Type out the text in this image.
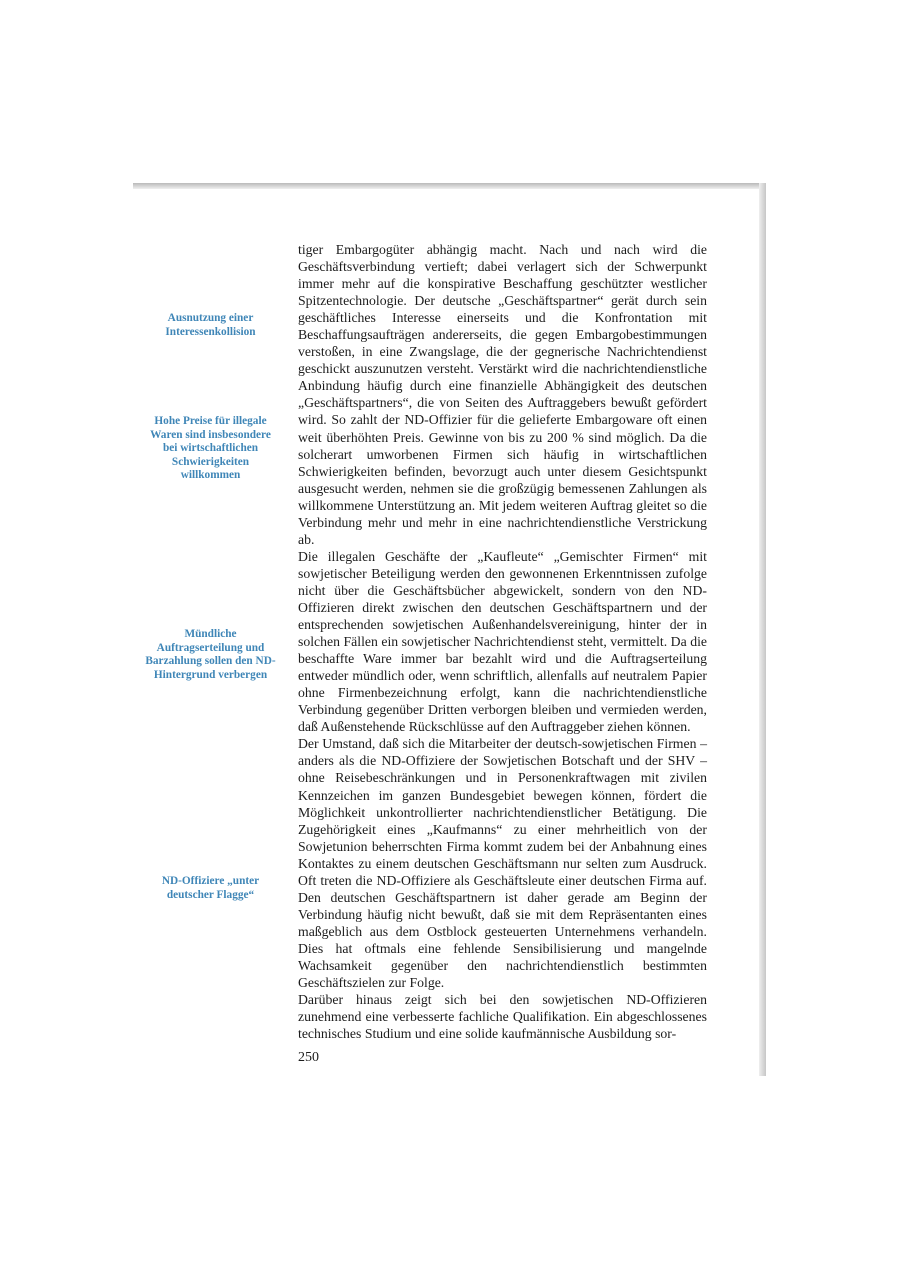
Ausnutzung einer Interessenkollision

Hohe Preise für illegale Waren sind insbesondere bei wirtschaftlichen Schwierigkeiten willkommen

Mündliche Auftragserteilung und Barzahlung sollen den ND-Hintergrund verbergen

ND-Offiziere „unter deutscher Flagge“

tiger Embargogüter abhängig macht. Nach und nach wird die Geschäftsverbindung vertieft; dabei verlagert sich der Schwerpunkt immer mehr auf die konspirative Beschaffung geschützter westlicher Spitzentechnologie. Der deutsche „Geschäftspartner“ gerät durch sein geschäftliches Interesse einerseits und die Konfrontation mit Beschaffungsaufträgen andererseits, die gegen Embargobestimmungen verstoßen, in eine Zwangslage, die der gegnerische Nachrichtendienst geschickt auszunutzen versteht. Verstärkt wird die nachrichtendienstliche Anbindung häufig durch eine finanzielle Abhängigkeit des deutschen „Geschäftspartners“, die von Seiten des Auftraggebers bewußt gefördert wird. So zahlt der ND-Offizier für die gelieferte Embargoware oft einen weit überhöhten Preis. Gewinne von bis zu 200 % sind möglich. Da die solcherart umworbenen Firmen sich häufig in wirtschaftlichen Schwierigkeiten befinden, bevorzugt auch unter diesem Gesichtspunkt ausgesucht werden, nehmen sie die großzügig bemessenen Zahlungen als willkommene Unterstützung an. Mit jedem weiteren Auftrag gleitet so die Verbindung mehr und mehr in eine nachrichtendienstliche Verstrickung ab.

Die illegalen Geschäfte der „Kaufleute“ „Gemischter Firmen“ mit sowjetischer Beteiligung werden den gewonnenen Erkenntnissen zufolge nicht über die Geschäftsbücher abgewickelt, sondern von den ND-Offizieren direkt zwischen den deutschen Geschäftspartnern und der entsprechenden sowjetischen Außenhandelsvereinigung, hinter der in solchen Fällen ein sowjetischer Nachrichtendienst steht, vermittelt. Da die beschaffte Ware immer bar bezahlt wird und die Auftragserteilung entweder mündlich oder, wenn schriftlich, allenfalls auf neutralem Papier ohne Firmenbezeichnung erfolgt, kann die nachrichtendienstliche Verbindung gegenüber Dritten verborgen bleiben und vermieden werden, daß Außenstehende Rückschlüsse auf den Auftraggeber ziehen können.

Der Umstand, daß sich die Mitarbeiter der deutsch-sowjetischen Firmen – anders als die ND-Offiziere der Sowjetischen Botschaft und der SHV – ohne Reisebeschränkungen und in Personenkraftwagen mit zivilen Kennzeichen im ganzen Bundesgebiet bewegen können, fördert die Möglichkeit unkontrollierter nachrichtendienstlicher Betätigung. Die Zugehörigkeit eines „Kaufmanns“ zu einer mehrheitlich von der Sowjetunion beherrschten Firma kommt zudem bei der Anbahnung eines Kontaktes zu einem deutschen Geschäftsmann nur selten zum Ausdruck. Oft treten die ND-Offiziere als Geschäftsleute einer deutschen Firma auf. Den deutschen Geschäftspartnern ist daher gerade am Beginn der Verbindung häufig nicht bewußt, daß sie mit dem Repräsentanten eines maßgeblich aus dem Ostblock gesteuerten Unternehmens verhandeln. Dies hat oftmals eine fehlende Sensibilisierung und mangelnde Wachsamkeit gegenüber den nachrichtendienstlich bestimmten Geschäftszielen zur Folge.

Darüber hinaus zeigt sich bei den sowjetischen ND-Offizieren zunehmend eine verbesserte fachliche Qualifikation. Ein abgeschlossenes technisches Studium und eine solide kaufmännische Ausbildung sor-

250
